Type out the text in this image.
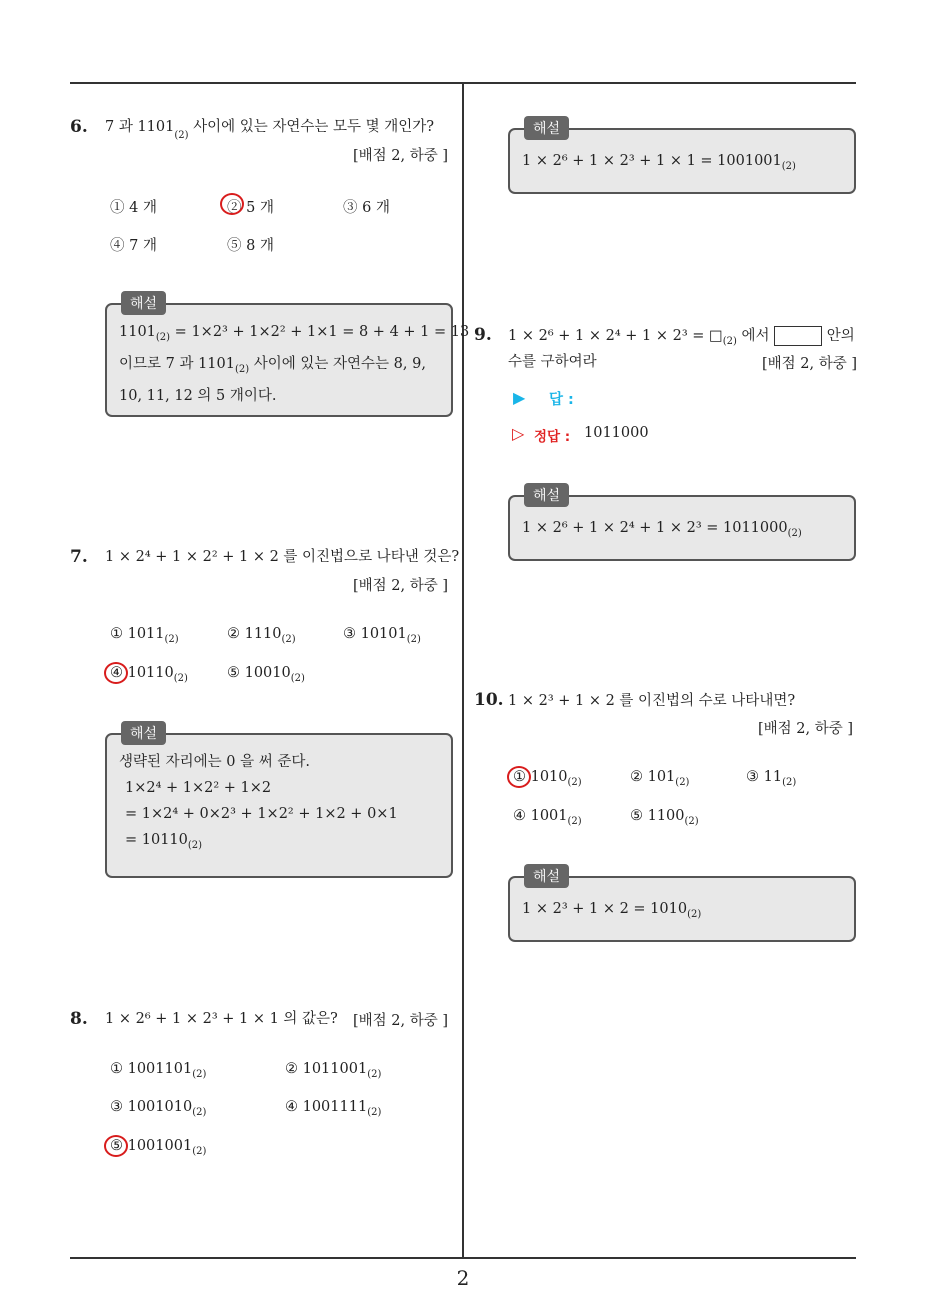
2
6. 7 과 $1101_{_{(2)}}$ 사이에 있는 자연수는 모두 몇 개인가?
[배점 2, 하중 ]
① 4 개	② 5 개	③ 6 개
④ 7 개	⑤ 8 개
해설
$1101_{(2)} = 1\times 2^3 + 1\times 2^2 + 1\times 1 = 8 + 4 + 1 = 13$
이므로 7 과 $1101_{(2)}$ 사이에 있는 자연수는 8, 9,
10, 11, 12 의 5 개이다.
7. 1 × 2⁴ + 1 × 2² + 1 × 2 를 이진법으로 나타낸 것은?
[배점 2, 하중 ]
① $1011_{(2)}$	② $1110_{(2)}$	③ $10101_{(2)}$
④ $10110_{(2)}$	⑤ $10010_{(2)}$
해설
생략된 자리에는 0 을 써 준다.
1×2⁴ + 1×2² + 1×2
= 1×2⁴ + 0×2³ + 1×2² + 1×2 + 0×1
= $10110_{(2)}$
8. 1 × 2⁶ + 1 × 2³ + 1 × 1 의 값은? [배점 2, 하중 ]
① $1001101_{(2)}$	② $1011001_{(2)}$
③ $1001010_{(2)}$	④ $1001111_{(2)}$
⑤ $1001001_{(2)}$
해설
$1 \times 2^6 + 1 \times 2^3 + 1 \times 1 = 1001001_{(2)}$
9. $1 \times 2^6 + 1 \times 2^4 + 1 \times 2^3 = □_{(2)}$ 에서	안의
수를 구하여라	[배점 2, 하중 ]
▶ 답 :
▷ 정답 : 1011000
해설
$1 \times 2^6 + 1 \times 2^4 + 1 \times 2^3 = 1011000_{(2)}$
10. 1 × 2³ + 1 × 2 를 이진법의 수로 나타내면?
[배점 2, 하중 ]
① $1010_{(2)}$	② $101_{(2)}$	③ $11_{(2)}$
④ $1001_{(2)}$	⑤ $1100_{(2)}$
해설
$1 \times 2^3 + 1 \times 2 = 1010_{(2)}$
